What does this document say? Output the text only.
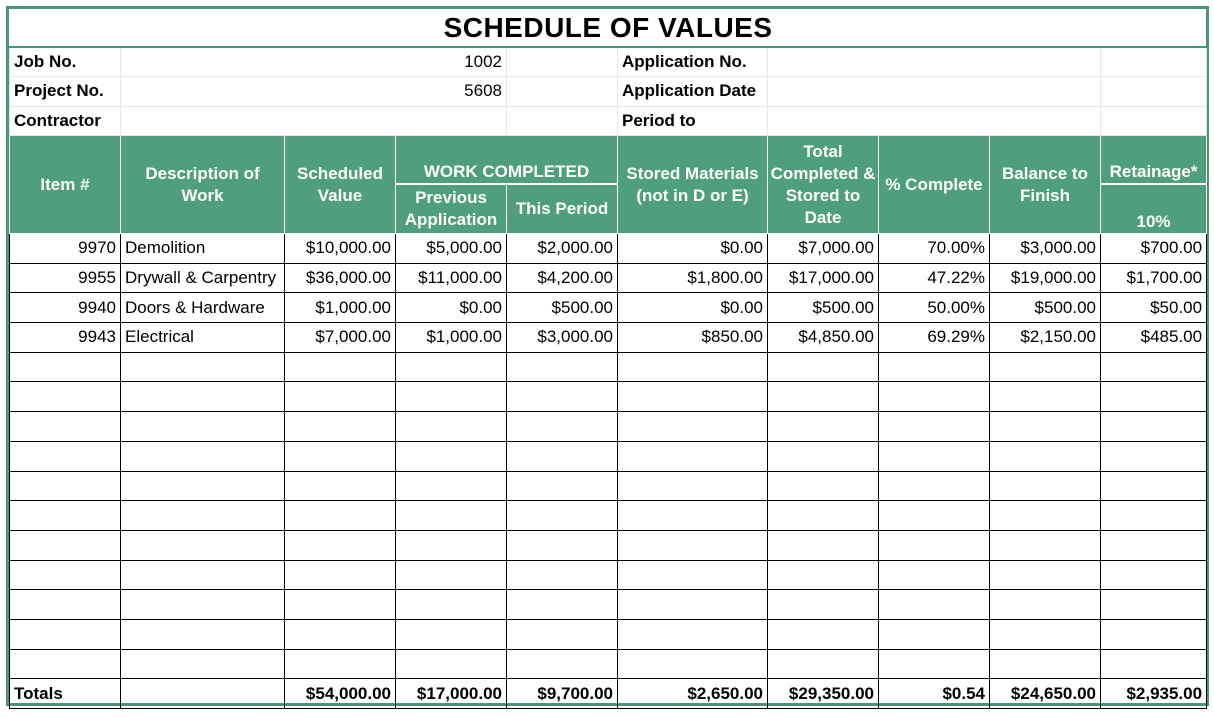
SCHEDULE OF VALUES									
Job No.	1002				Application No.				
Project No.	5608				Application Date				
Contractor					Period to				
Item #	Description of Work	Scheduled Value	WORK COMPLETED		Stored Materials (not in D or E)	Total Completed & Stored to Date	% Complete	Balance to Finish	Retainage*
			Previous Application	This Period					10%
9970	Demolition	$10,000.00	$5,000.00	$2,000.00	$0.00	$7,000.00	70.00%	$3,000.00	$700.00
9955	Drywall & Carpentry	$36,000.00	$11,000.00	$4,200.00	$1,800.00	$17,000.00	47.22%	$19,000.00	$1,700.00
9940	Doors & Hardware	$1,000.00	$0.00	$500.00	$0.00	$500.00	50.00%	$500.00	$50.00
9943	Electrical	$7,000.00	$1,000.00	$3,000.00	$850.00	$4,850.00	69.29%	$2,150.00	$485.00

Totals		$54,000.00	$17,000.00	$9,700.00	$2,650.00	$29,350.00	$0.54	$24,650.00	$2,935.00
